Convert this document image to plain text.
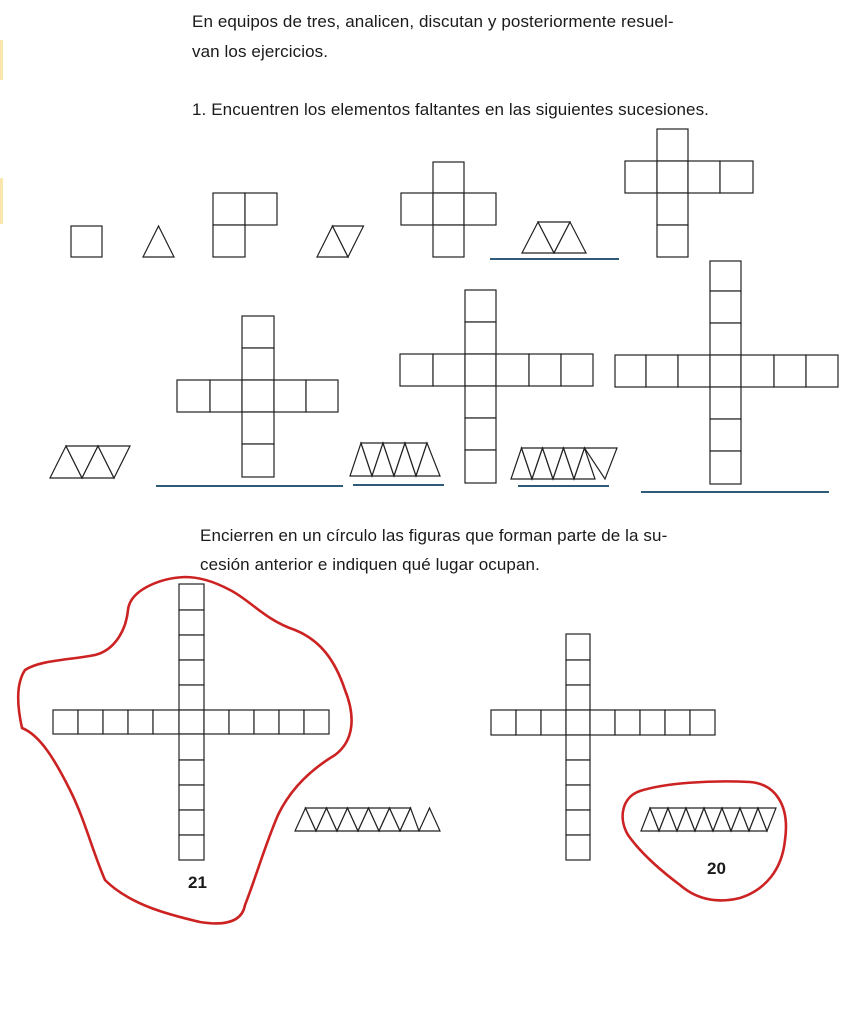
En equipos de tres, analicen, discutan y posteriormente resuel-
van los ejercicios.
1. Encuentren los elementos faltantes en las siguientes sucesiones.
Encierren en un círculo las figuras que forman parte de la su-
cesión anterior e indiquen qué lugar ocupan.
21
20
